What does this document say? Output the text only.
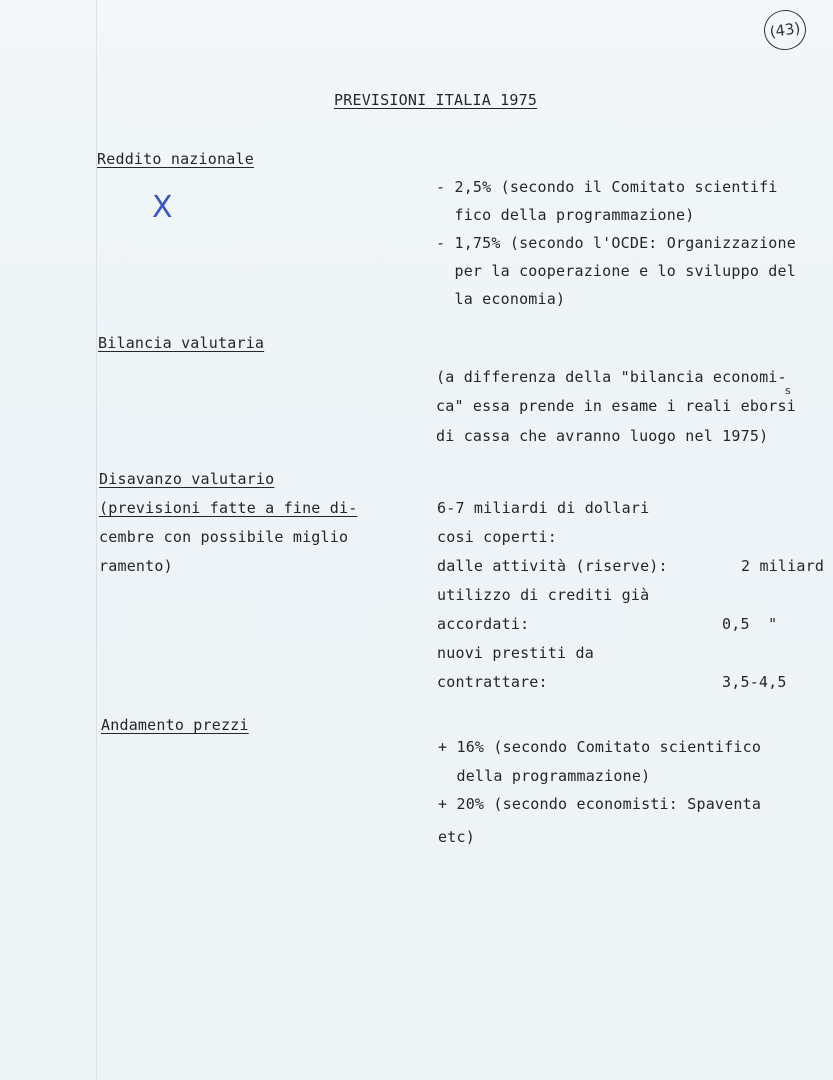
(43)
PREVISIONI ITALIA 1975
Reddito nazionale
X
- 2,5% (secondo il Comitato scientifi
fico della programmazione)
- 1,75% (secondo l'OCDE: Organizzazione
per la cooperazione e lo sviluppo del
la economia)
Bilancia valutaria
(a differenza della "bilancia economi-
s
ca" essa prende in esame i reali eborsi
di cassa che avranno luogo nel 1975)
Disavanzo valutario
(previsioni fatte a fine di-
cembre con possibile miglio
ramento)
6-7 miliardi di dollari
cosi coperti:
dalle attività (riserve):
utilizzo di crediti già
accordati:
nuovi prestiti da
contrattare:
2 miliard
0,5  "
3,5-4,5
Andamento prezzi
+ 16% (secondo Comitato scientifico
della programmazione)
+ 20% (secondo economisti: Spaventa
etc)
